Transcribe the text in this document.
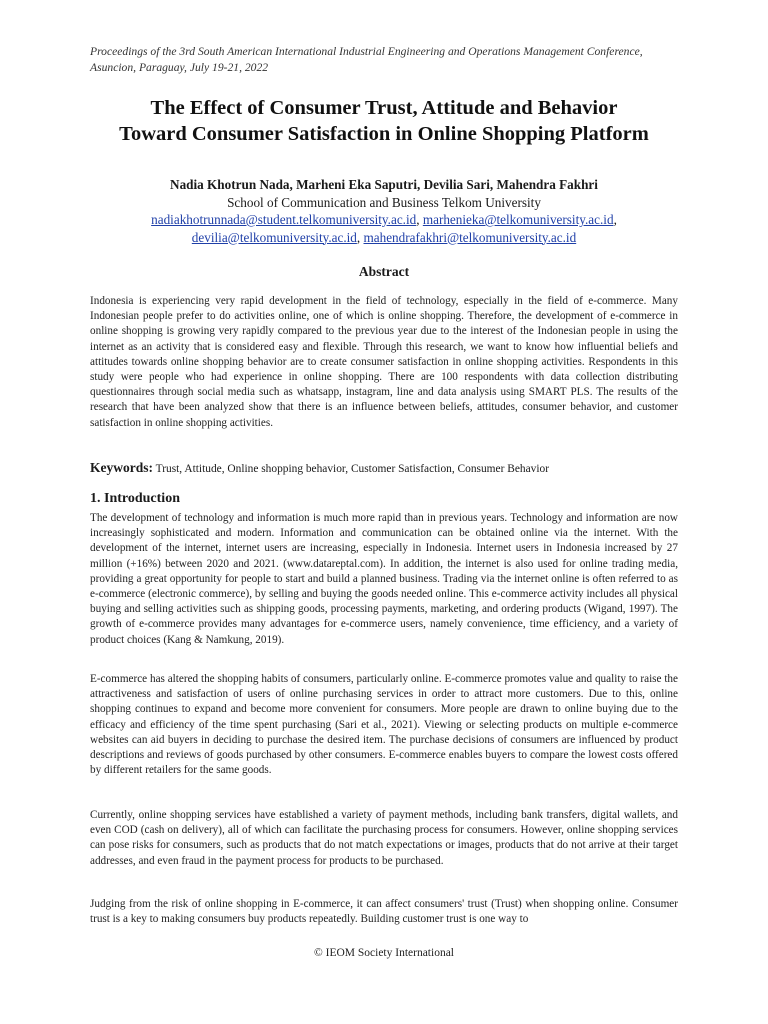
Proceedings of the 3rd South American International Industrial Engineering and Operations Management Conference, Asuncion, Paraguay, July 19-21, 2022
The Effect of Consumer Trust, Attitude and Behavior
Toward Consumer Satisfaction in Online Shopping Platform
Nadia Khotrun Nada, Marheni Eka Saputri, Devilia Sari, Mahendra Fakhri
School of Communication and Business Telkom University
nadiakhotrunnada@student.telkomuniversity.ac.id, marhenieka@telkomuniversity.ac.id,
devilia@telkomuniversity.ac.id, mahendrafakhri@telkomuniversity.ac.id
Abstract

Indonesia is experiencing very rapid development in the field of technology, especially in the field of e-commerce. Many Indonesian people prefer to do activities online, one of which is online shopping. Therefore, the development of e-commerce in online shopping is growing very rapidly compared to the previous year due to the interest of the Indonesian people in using the internet as an activity that is considered easy and flexible. Through this research, we want to know how influential beliefs and attitudes towards online shopping behavior are to create consumer satisfaction in online shopping activities. Respondents in this study were people who had experience in online shopping. There are 100 respondents with data collection distributing questionnaires through social media such as whatsapp, instagram, line and data analysis using SMART PLS. The results of the research that have been analyzed show that there is an influence between beliefs, attitudes, consumer behavior, and customer satisfaction in online shopping activities.

Keywords: Trust, Attitude, Online shopping behavior, Customer Satisfaction, Consumer Behavior
1. Introduction

The development of technology and information is much more rapid than in previous years. Technology and information are now increasingly sophisticated and modern. Information and communication can be obtained online via the internet. With the development of the internet, internet users are increasing, especially in Indonesia. Internet users in Indonesia increased by 27 million (+16%) between 2020 and 2021. (www.datareptal.com). In addition, the internet is also used for online trading media, providing a great opportunity for people to start and build a planned business. Trading via the internet online is often referred to as e-commerce (electronic commerce), by selling and buying the goods needed online. This e-commerce activity includes all physical buying and selling activities such as shipping goods, processing payments, marketing, and ordering products (Wigand, 1997). The growth of e-commerce provides many advantages for e-commerce users, namely convenience, time efficiency, and a variety of product choices (Kang & Namkung, 2019).

E-commerce has altered the shopping habits of consumers, particularly online. E-commerce promotes value and quality to raise the attractiveness and satisfaction of users of online purchasing services in order to attract more customers. Due to this, online shopping continues to expand and become more convenient for consumers. More people are drawn to online buying due to the efficacy and efficiency of the time spent purchasing (Sari et al., 2021). Viewing or selecting products on multiple e-commerce websites can aid buyers in deciding to purchase the desired item. The purchase decisions of consumers are influenced by product descriptions and reviews of goods purchased by other consumers. E-commerce enables buyers to compare the lowest costs offered by different retailers for the same goods.

Currently, online shopping services have established a variety of payment methods, including bank transfers, digital wallets, and even COD (cash on delivery), all of which can facilitate the purchasing process for consumers. However, online shopping services can pose risks for consumers, such as products that do not match expectations or images, products that do not arrive at their target addresses, and even fraud in the payment process for products to be purchased.

Judging from the risk of online shopping in E-commerce, it can affect consumers' trust (Trust) when shopping online. Consumer trust is a key to making consumers buy products repeatedly. Building customer trust is one way to

© IEOM Society International
